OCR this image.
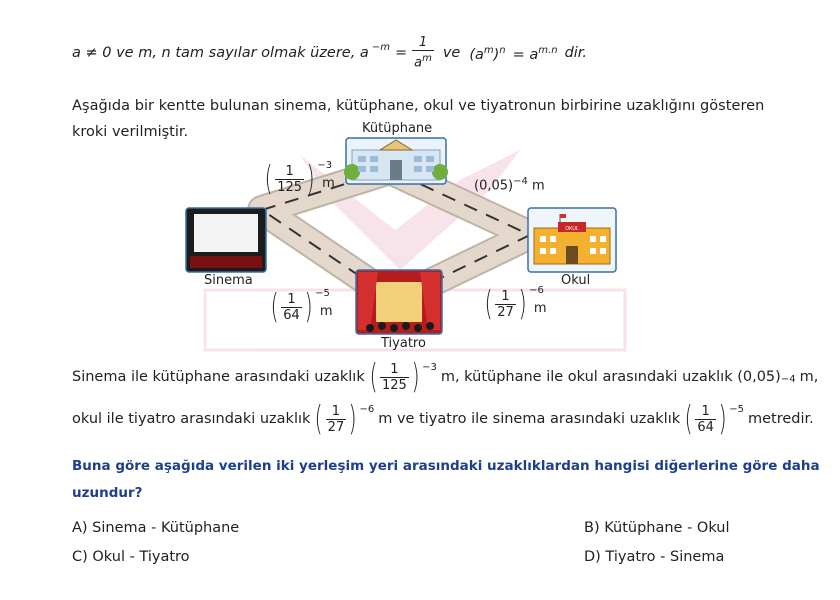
a ≠ 0 ve m, n tam sayılar olmak üzere, a $^{-m} = \frac{1}{a^m}$ ve $(a^m)^n = a^{m.n}$ dir.
Aşağıda bir kentte bulunan sinema, kütüphane, okul ve tiyatronun birbirine uzaklığını gösteren
kroki verilmiştir.
OKUL
Kütüphane
Sinema	Okul
Tiyatro
( $\frac{1}{125}$ ) $^{-3}$
m	$(0,05)^{-4}$ m
( $\frac{1}{64}$ ) $^{-5}$
m	( $\frac{1}{27}$ ) $^{-6}$
m
Sinema ile kütüphane arasındaki uzaklık ( $\frac{1}{125}$ ) $^{-3}$
m, kütüphane ile okul arasındaki uzaklık $(0,05)_{-4}$ m,
okul ile tiyatro arasındaki uzaklık ( $\frac{1}{27}$ ) $^{-6}$
m ve tiyatro ile sinema arasındaki uzaklık ( $\frac{1}{64}$ ) $^{-5}$
metredir.
Buna göre aşağıda verilen iki yerleşim yeri arasındaki uzaklıklardan hangisi diğerlerine göre daha
uzundur?
A) Sinema - Kütüphane	B) Kütüphane - Okul
C) Okul - Tiyatro	D) Tiyatro - Sinema
